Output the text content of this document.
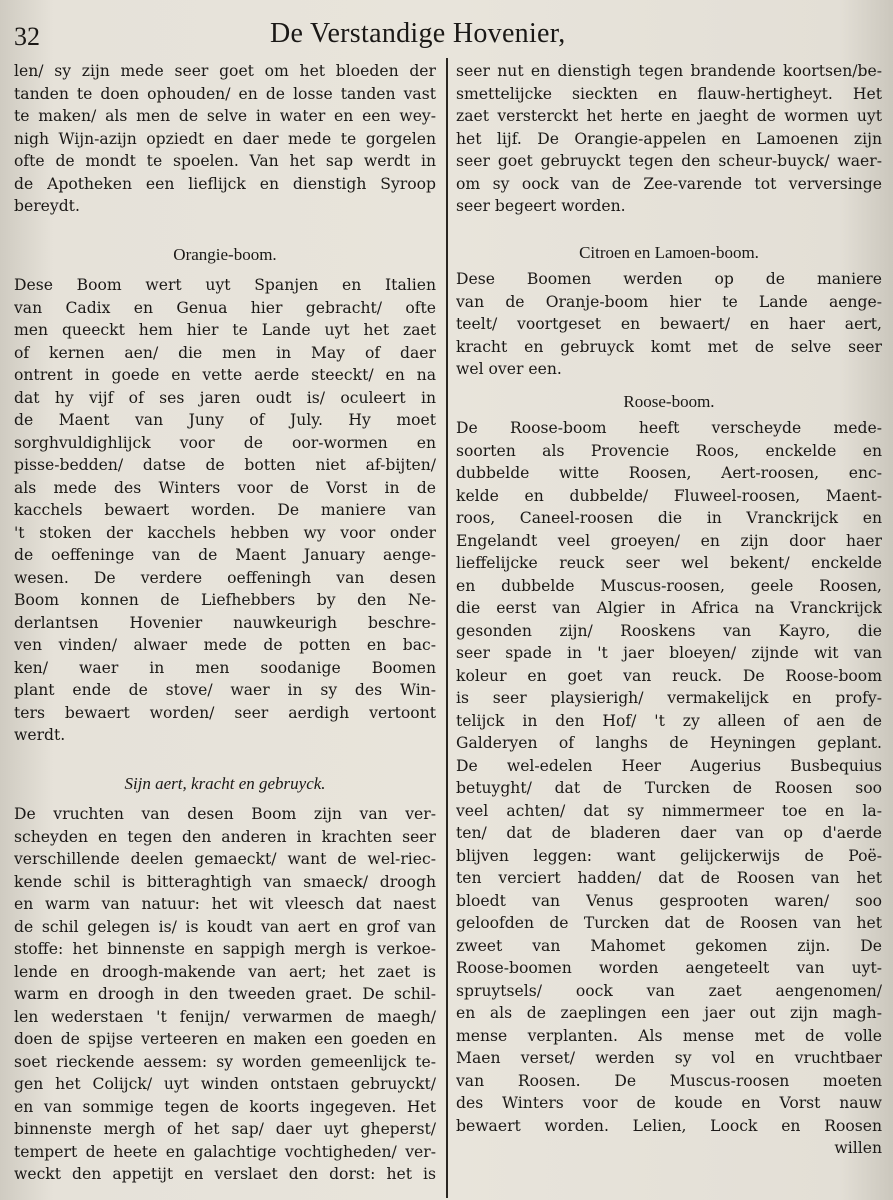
32	De Verstandige Hovenier,
len/ sy zijn mede seer goet om het bloeden der
tanden te doen ophouden/ en de losse tanden vast
te maken/ als men de selve in water en een wey-
nigh Wijn-azijn opziedt en daer mede te gorgelen
ofte de mondt te spoelen. Van het sap werdt in
de Apotheken een lieflijck en dienstigh Syroop
bereydt.
Orangie-boom.
Dese Boom wert uyt Spanjen en Italien
van Cadix en Genua hier gebracht/ ofte
men queeckt hem hier te Lande uyt het zaet
of kernen aen/ die men in May of daer
ontrent in goede en vette aerde steeckt/ en na
dat hy vijf of ses jaren oudt is/ oculeert in
de Maent van Juny of July. Hy moet
sorghvuldighlijck voor de oor-wormen en
pisse-bedden/ datse de botten niet af-bijten/
als mede des Winters voor de Vorst in de
kacchels bewaert worden. De maniere van
't stoken der kacchels hebben wy voor onder
de oeffeninge van de Maent January aenge-
wesen. De verdere oeffeningh van desen
Boom konnen de Liefhebbers by den Ne-
derlantsen Hovenier nauwkeurigh beschre-
ven vinden/ alwaer mede de potten en bac-
ken/ waer in men soodanige Boomen
plant ende de stove/ waer in sy des Win-
ters bewaert worden/ seer aerdigh vertoont
werdt.
Sijn aert, kracht en gebruyck.
De vruchten van desen Boom zijn van ver-
scheyden en tegen den anderen in krachten seer
verschillende deelen gemaeckt/ want de wel-riec-
kende schil is bitteraghtigh van smaeck/ droogh
en warm van natuur: het wit vleesch dat naest
de schil gelegen is/ is koudt van aert en grof van
stoffe: het binnenste en sappigh mergh is verkoe-
lende en droogh-makende van aert; het zaet is
warm en droogh in den tweeden graet. De schil-
len wederstaen 't fenijn/ verwarmen de maegh/
doen de spijse verteeren en maken een goeden en
soet rieckende aessem: sy worden gemeenlijck te-
gen het Colijck/ uyt winden ontstaen gebruyckt/
en van sommige tegen de koorts ingegeven. Het
binnenste mergh of het sap/ daer uyt gheperst/
tempert de heete en galachtige vochtigheden/ ver-
weckt den appetijt en verslaet den dorst: het is
seer nut en dienstigh tegen brandende koortsen/be-
smettelijcke sieckten en flauw-hertigheyt. Het
zaet versterckt het herte en jaeght de wormen uyt
het lijf. De Orangie-appelen en Lamoenen zijn
seer goet gebruyckt tegen den scheur-buyck/ waer-
om sy oock van de Zee-varende tot verversinge
seer begeert worden.
Citroen en Lamoen-boom.
Dese Boomen werden op de maniere
van de Oranje-boom hier te Lande aenge-
teelt/ voortgeset en bewaert/ en haer aert,
kracht en gebruyck komt met de selve seer
wel over een.
Roose-boom.
De Roose-boom heeft verscheyde mede-
soorten als Provencie Roos, enckelde en
dubbelde witte Roosen, Aert-roosen, enc-
kelde en dubbelde/ Fluweel-roosen, Maent-
roos, Caneel-roosen die in Vranckrijck en
Engelandt veel groeyen/ en zijn door haer
lieffelijcke reuck seer wel bekent/ enckelde
en dubbelde Muscus-roosen, geele Roosen,
die eerst van Algier in Africa na Vranckrijck
gesonden zijn/ Rooskens van Kayro, die
seer spade in 't jaer bloeyen/ zijnde wit van
koleur en goet van reuck. De Roose-boom
is seer playsierigh/ vermakelijck en profy-
telijck in den Hof/ 't zy alleen of aen de
Galderyen of langhs de Heyningen geplant.
De wel-edelen Heer Augerius Busbequius
betuyght/ dat de Turcken de Roosen soo
veel achten/ dat sy nimmermeer toe en la-
ten/ dat de bladeren daer van op d'aerde
blijven leggen: want gelijckerwijs de Poë-
ten verciert hadden/ dat de Roosen van het
bloedt van Venus gesprooten waren/ soo
geloofden de Turcken dat de Roosen van het
zweet van Mahomet gekomen zijn. De
Roose-boomen worden aengeteelt van uyt-
spruytsels/ oock van zaet aengenomen/
en als de zaeplingen een jaer out zijn magh-
mense verplanten. Als mense met de volle
Maen verset/ werden sy vol en vruchtbaer
van Roosen. De Muscus-roosen moeten
des Winters voor de koude en Vorst nauw
bewaert worden. Lelien, Loock en Roosen
willen
